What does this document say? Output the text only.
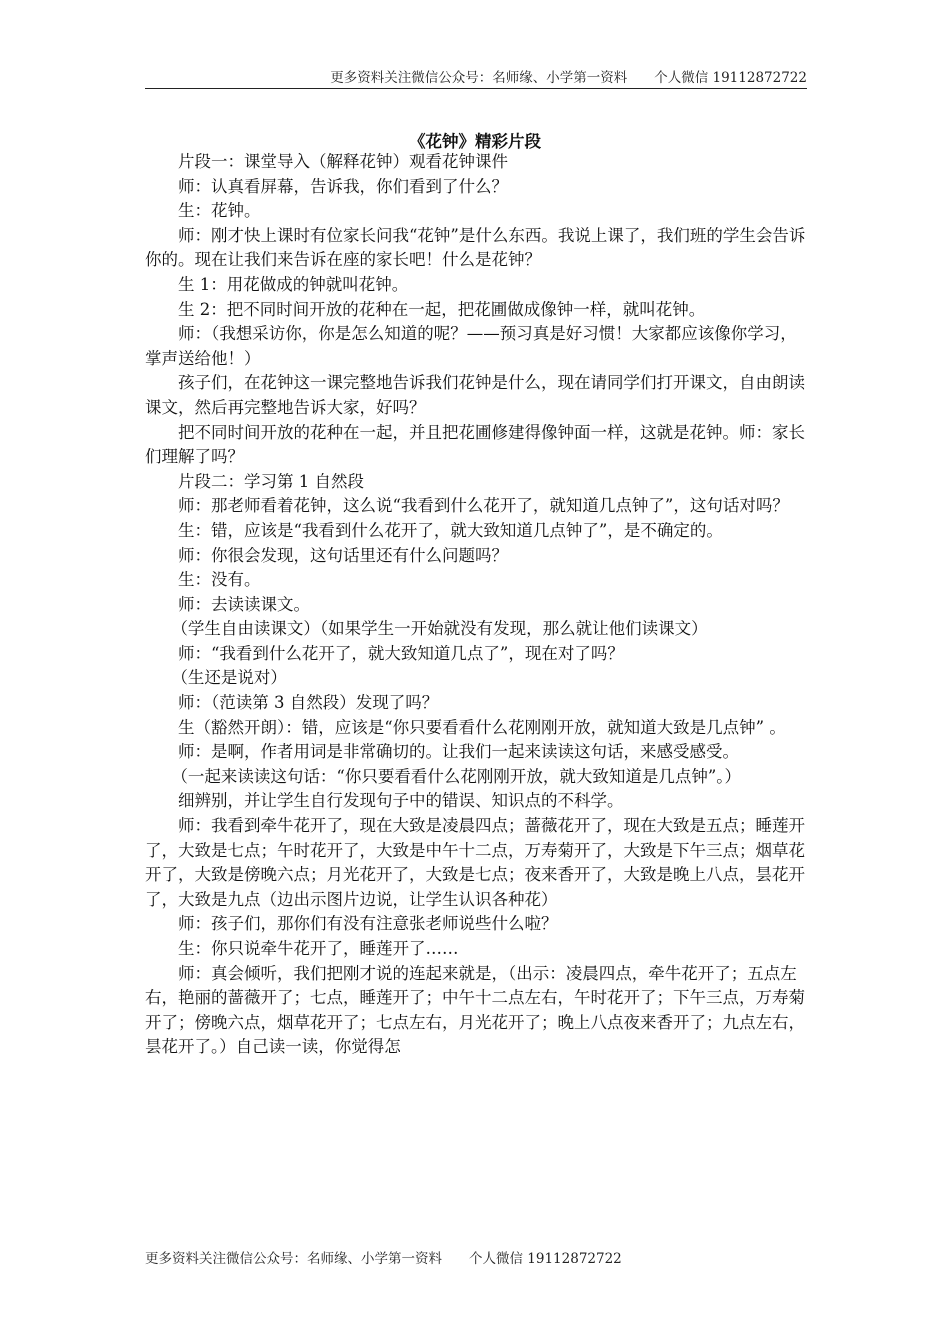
更多资料关注微信公众号：名师缘、小学第一资料　　个人微信 19112872722
《花钟》精彩片段

片段一：课堂导入（解释花钟）观看花钟课件

师：认真看屏幕，告诉我，你们看到了什么？

生：花钟。

师：刚才快上课时有位家长问我“花钟”是什么东西。我说上课了，我们班的学生会告诉你的。现在让我们来告诉在座的家长吧！什么是花钟？

生 1：用花做成的钟就叫花钟。

生 2：把不同时间开放的花种在一起，把花圃做成像钟一样，就叫花钟。

师：（我想采访你，你是怎么知道的呢？——预习真是好习惯！大家都应该像你学习，掌声送给他！）

孩子们，在花钟这一课完整地告诉我们花钟是什么，现在请同学们打开课文，自由朗读课文，然后再完整地告诉大家，好吗？

把不同时间开放的花种在一起，并且把花圃修建得像钟面一样，这就是花钟。师：家长们理解了吗？

片段二：学习第 1 自然段

师：那老师看着花钟，这么说“我看到什么花开了，就知道几点钟了”，这句话对吗？

生：错，应该是“我看到什么花开了，就大致知道几点钟了”，是不确定的。

师：你很会发现，这句话里还有什么问题吗？

生：没有。

师：去读读课文。

（学生自由读课文）（如果学生一开始就没有发现，那么就让他们读课文）

师：“我看到什么花开了，就大致知道几点了”，现在对了吗？

（生还是说对）

师：（范读第 3 自然段）发现了吗？

生（豁然开朗）：错，应该是“你只要看看什么花刚刚开放，就知道大致是几点钟” 。

师：是啊，作者用词是非常确切的。让我们一起来读读这句话，来感受感受。

（一起来读读这句话：“你只要看看什么花刚刚开放，就大致知道是几点钟”。）

细辨别，并让学生自行发现句子中的错误、知识点的不科学。

师：我看到牵牛花开了，现在大致是凌晨四点；蔷薇花开了，现在大致是五点；睡莲开了，大致是七点；午时花开了，大致是中午十二点，万寿菊开了，大致是下午三点；烟草花开了，大致是傍晚六点；月光花开了，大致是七点；夜来香开了，大致是晚上八点，昙花开了，大致是九点（边出示图片边说，让学生认识各种花）

师：孩子们，那你们有没有注意张老师说些什么啦？

生：你只说牵牛花开了，睡莲开了……

师：真会倾听，我们把刚才说的连起来就是，（出示：凌晨四点，牵牛花开了；五点左右，艳丽的蔷薇开了；七点，睡莲开了；中午十二点左右，午时花开了；下午三点，万寿菊开了；傍晚六点，烟草花开了；七点左右，月光花开了；晚上八点夜来香开了；九点左右，昙花开了。）自己读一读，你觉得怎

更多资料关注微信公众号：名师缘、小学第一资料　　个人微信 19112872722
